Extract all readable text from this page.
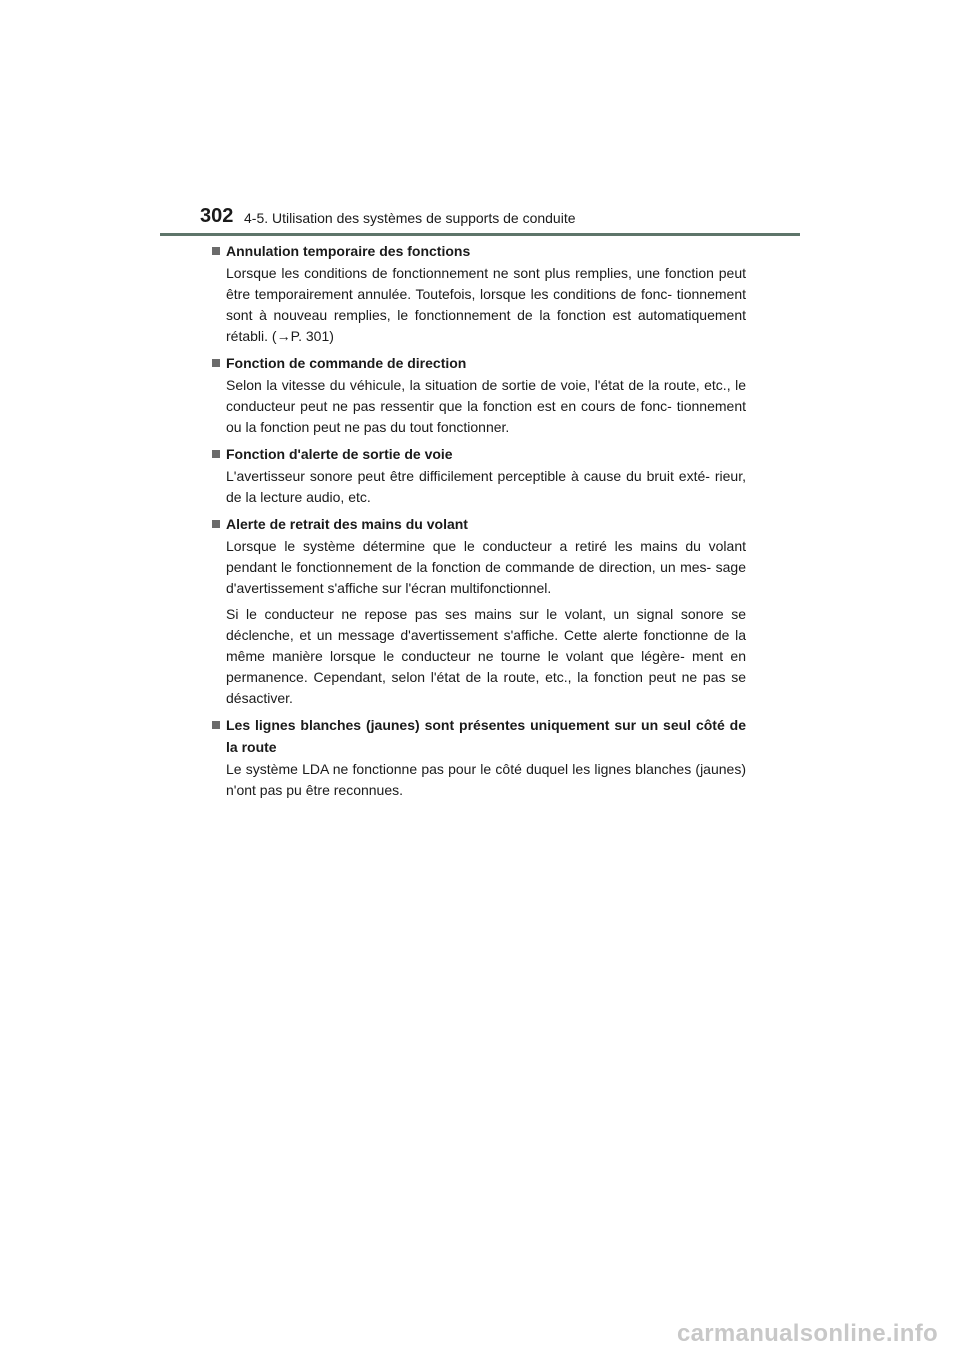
302 4-5. Utilisation des systèmes de supports de conduite
Annulation temporaire des fonctions
Lorsque les conditions de fonctionnement ne sont plus remplies, une fonction peut être temporairement annulée. Toutefois, lorsque les conditions de fonc- tionnement sont à nouveau remplies, le fonctionnement de la fonction est automatiquement rétabli. (→P. 301)
Fonction de commande de direction
Selon la vitesse du véhicule, la situation de sortie de voie, l'état de la route, etc., le conducteur peut ne pas ressentir que la fonction est en cours de fonc- tionnement ou la fonction peut ne pas du tout fonctionner.
Fonction d'alerte de sortie de voie
L'avertisseur sonore peut être difficilement perceptible à cause du bruit exté- rieur, de la lecture audio, etc.
Alerte de retrait des mains du volant
Lorsque le système détermine que le conducteur a retiré les mains du volant pendant le fonctionnement de la fonction de commande de direction, un mes- sage d'avertissement s'affiche sur l'écran multifonctionnel.
Si le conducteur ne repose pas ses mains sur le volant, un signal sonore se déclenche, et un message d'avertissement s'affiche. Cette alerte fonctionne de la même manière lorsque le conducteur ne tourne le volant que légère- ment en permanence. Cependant, selon l'état de la route, etc., la fonction peut ne pas se désactiver.
Les lignes blanches (jaunes) sont présentes uniquement sur un seul côté de la route
Le système LDA ne fonctionne pas pour le côté duquel les lignes blanches (jaunes) n'ont pas pu être reconnues.
carmanualsonline.info
